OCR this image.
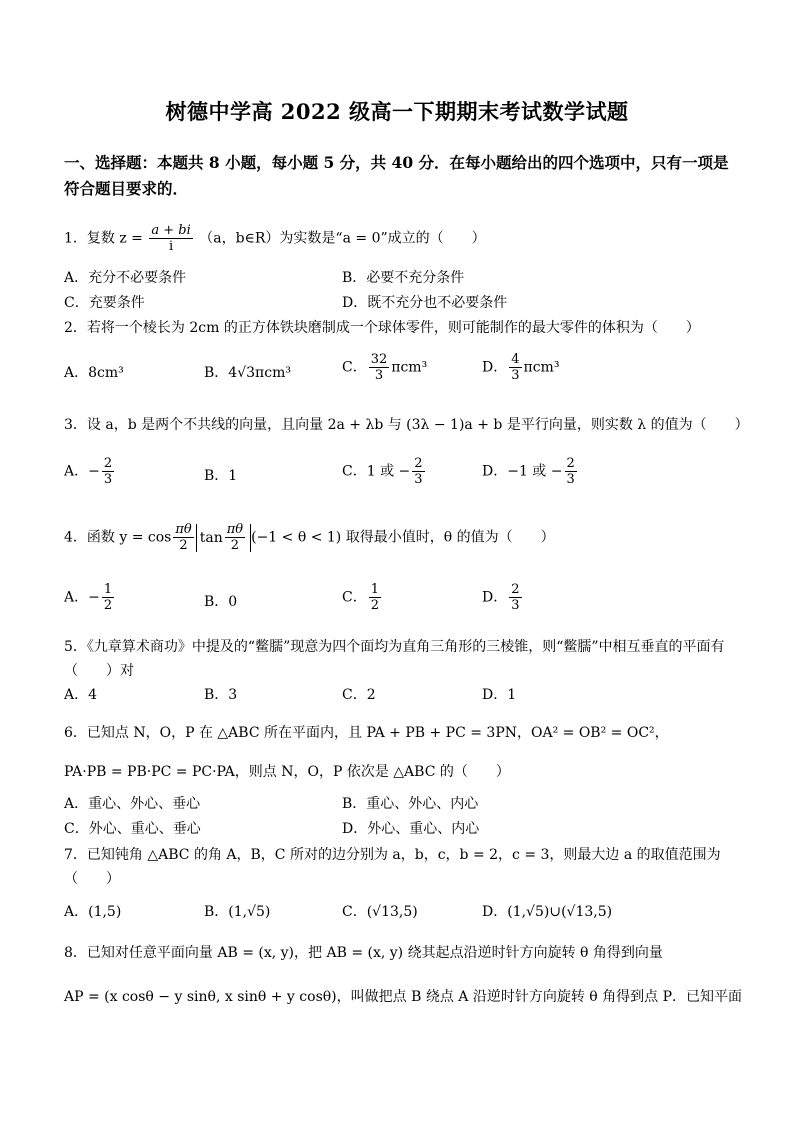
树德中学高 2022 级高一下期期末考试数学试题
一、选择题：本题共 8 小题，每小题 5 分，共 40 分．在每小题给出的四个选项中，只有一项是符合题目要求的．
1．复数 $z = \frac{a + bi}{i} (a$，b∈R）为实数是“a = 0”成立的（　　）
A．充分不必要条件	B．必要不充分条件
C．充要条件	D．既不充分也不必要条件
2．若将一个棱长为 2cm 的正方体铁块磨制成一个球体零件，则可能制作的最大零件的体积为（　　）
A．8cm³	B．4√3πcm³	C． $\frac{32}{3} \pi cm^3$	D． $\frac{4}{3} \pi cm^3$
3．设 a，b 是两个不共线的向量，且向量 2a + λb 与 (3λ − 1)a + b 是平行向量，则实数 λ 的值为（　　）
A．− $\frac{2}{3}$	B．1	C．1 或 − $\frac{2}{3}$	D．−1 或 − $\frac{2}{3}$
4．函数 $y = \cos \frac{\pi\theta}{2}$ $\tan \frac{\pi\theta}{2} (-1 < \theta < 1)$ 取得最小值时，θ 的值为（　　）
A．− $\frac{1}{2}$	B．0	C． $\frac{1}{2}$	D． $\frac{2}{3}$
5．《九章算术商功》中提及的“鳖臑”现意为四个面均为直角三角形的三棱锥，则“鳖臑”中相互垂直的平面有（　　）对
A．4	B．3	C．2	D．1
6．已知点 N，O，P 在 △ABC 所在平面内，且 PA + PB + PC = 3PN，OA² = OB² = OC²，
PA·PB = PB·PC = PC·PA，则点 N，O，P 依次是 △ABC 的（　　）
A．重心、外心、垂心	B．重心、外心、内心
C．外心、重心、垂心	D．外心、重心、内心
7．已知钝角 △ABC 的角 A，B，C 所对的边分别为 a，b，c，b = 2，c = 3，则最大边 a 的取值范围为（　　）
A．(1,5)	B．(1,√5)	C．(√13,5)	D．(1,√5)∪(√13,5)
8．已知对任意平面向量 AB = (x, y)，把 AB = (x, y) 绕其起点沿逆时针方向旋转 θ 角得到向量
AP = (x cosθ − y sinθ, x sinθ + y cosθ)，叫做把点 B 绕点 A 沿逆时针方向旋转 θ 角得到点 P．已知平面
